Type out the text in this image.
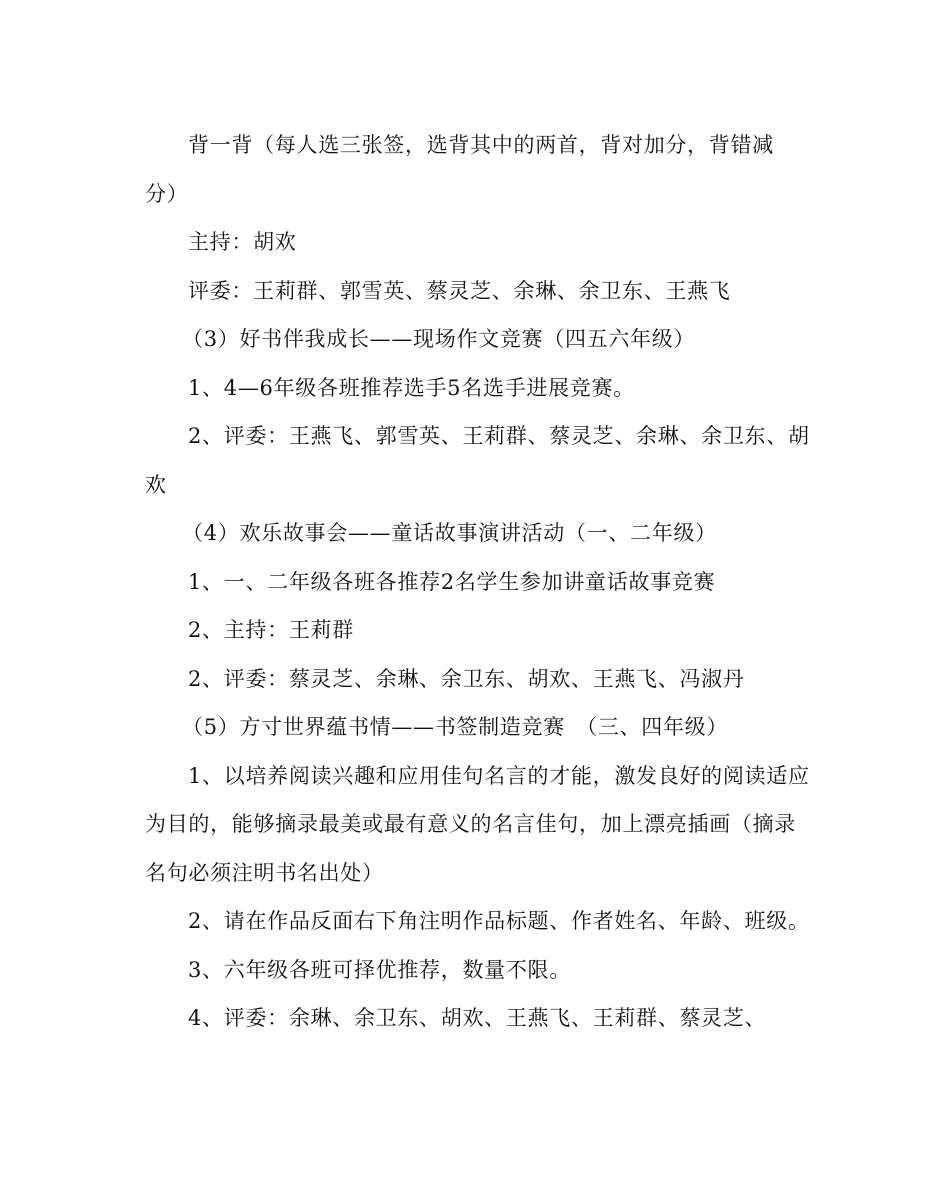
背一背（每人选三张签，选背其中的两首，背对加分，背错减
分）
主持：胡欢
评委：王莉群、郭雪英、蔡灵芝、余琳、余卫东、王燕飞
（3）好书伴我成长——现场作文竞赛（四五六年级）
1、4—6年级各班推荐选手5名选手进展竞赛。
2、评委：王燕飞、郭雪英、王莉群、蔡灵芝、余琳、余卫东、胡
欢
（4）欢乐故事会——童话故事演讲活动（一、二年级）
1、一、二年级各班各推荐2名学生参加讲童话故事竞赛
2、主持：王莉群
2、评委：蔡灵芝、余琳、余卫东、胡欢、王燕飞、冯淑丹
（5）方寸世界蕴书情——书签制造竞赛　（三、四年级）
1、以培养阅读兴趣和应用佳句名言的才能，激发良好的阅读适应
为目的，能够摘录最美或最有意义的名言佳句，加上漂亮插画（摘录
名句必须注明书名出处）
2、请在作品反面右下角注明作品标题、作者姓名、年龄、班级。
3、六年级各班可择优推荐，数量不限。
4、评委：余琳、余卫东、胡欢、王燕飞、王莉群、蔡灵芝、
